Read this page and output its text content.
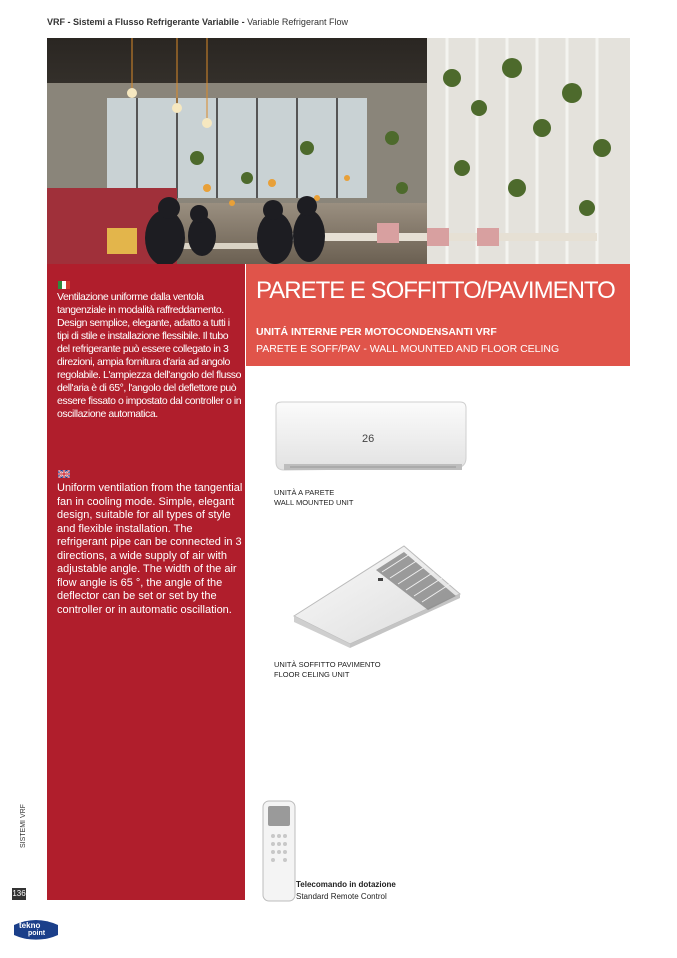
VRF - Sistemi a Flusso Refrigerante Variabile - Variable Refrigerant Flow
Ventilazione uniforme dalla ventola tangenziale in modalità raffreddamento. Design semplice, elegante, adatto a tutti i tipi di stile e installazione flessibile. Il tubo del refrigerante può essere collegato in 3 direzioni, ampia fornitura d'aria ad angolo regolabile. L'ampiezza dell'angolo del flusso dell'aria è di 65°, l'angolo del deflettore può essere fissato o impostato dal controller o in oscillazione automatica.
Uniform ventilation from the tangential fan in cooling mode. Simple, elegant design, suitable for all types of style and flexible installation. The refrigerant pipe can be connected in 3 directions, a wide supply of air with adjustable angle. The width of the air flow angle is 65 °, the angle of the deflector can be set or set by the controller or in automatic oscillation.
PARETE E SOFFITTO/PAVIMENTO
UNITÁ INTERNE PER MOTOCONDENSANTI VRF
PARETE E SOFF/PAV - WALL MOUNTED AND FLOOR CELING
26
UNITÀ A PARETE
WALL MOUNTED UNIT
UNITÀ SOFFITTO PAVIMENTO
FLOOR CELING UNIT
Telecomando in dotazione
Standard Remote Control
SISTEMI VRF
136
tekno
point
